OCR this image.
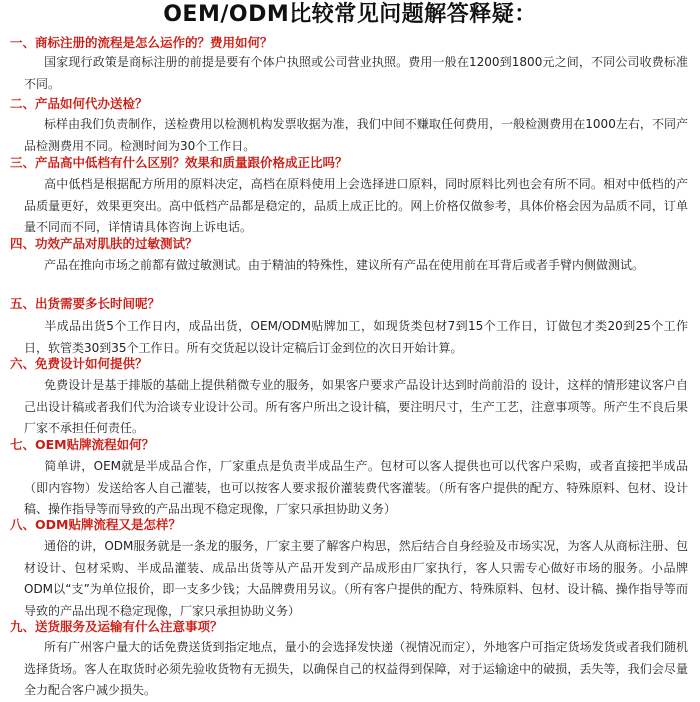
OEM/ODM比较常见问题解答释疑：
一、商标注册的流程是怎么运作的？费用如何？
国家现行政策是商标注册的前提是要有个体户执照或公司营业执照。费用一般在1200到1800元之间，不同公司收费标准不同。
二、产品如何代办送检？
标样由我们负责制作，送检费用以检测机构发票收据为准，我们中间不赚取任何费用，一般检测费用在1000左右，不同产品检测费用不同。检测时间为30个工作日。
三、产品高中低档有什么区别？效果和质量跟价格成正比吗？
高中低档是根据配方所用的原料决定，高档在原料使用上会选择进口原料，同时原料比列也会有所不同。相对中低档的产品质量更好，效果更突出。高中低档产品都是稳定的，品质上成正比的。网上价格仅做参考，具体价格会因为品质不同，订单量不同而不同，详情请具体咨询上诉电话。
四、功效产品对肌肤的过敏测试？
产品在推向市场之前都有做过敏测试。由于精油的特殊性，建议所有产品在使用前在耳背后或者手臂内侧做测试。
五、出货需要多长时间呢？
半成品出货5个工作日内，成品出货，OEM/ODM贴牌加工，如现货类包材7到15个工作日，订做包才类20到25个工作日，软管类30到35个工作日。所有交货起以设计定稿后订金到位的次日开始计算。
六、免费设计如何提供？
免费设计是基于排版的基础上提供稍微专业的服务，如果客户要求产品设计达到时尚前沿的 设计，这样的情形建议客户自己出设计稿或者我们代为洽谈专业设计公司。所有客户所出之设计稿，要注明尺寸，生产工艺，注意事项等。所产生不良后果厂家不承担任何责任。
七、OEM贴牌流程如何？
简单讲，OEM就是半成品合作，厂家重点是负责半成品生产。包材可以客人提供也可以代客户采购，或者直接把半成品（即内容物）发送给客人自己灌装，也可以按客人要求报价灌装费代客灌装。（所有客户提供的配方、特殊原料、包材、设计稿、操作指导等而导致的产品出现不稳定现像，厂家只承担协助义务）
八、ODM贴牌流程又是怎样？
通俗的讲，ODM服务就是一条龙的服务，厂家主要了解客户构思，然后结合自身经验及市场实况，为客人从商标注册、包材设计、包材采购、半成品灌装、成品出货等从产品开发到产品成形由厂家执行，客人只需专心做好市场的服务。小品牌ODM以“支”为单位报价，即一支多少钱；大品牌费用另议。（所有客户提供的配方、特殊原料、包材、设计稿、操作指导等而导致的产品出现不稳定现像，厂家只承担协助义务）
九、送货服务及运输有什么注意事项？
所有广州客户量大的话免费送货到指定地点，量小的会选择发快递（视情况而定），外地客户可指定货场发货或者我们随机选择货场。客人在取货时必须先验收货物有无损失，以确保自己的权益得到保障，对于运输途中的破损，丢失等，我们会尽量全力配合客户减少损失。
